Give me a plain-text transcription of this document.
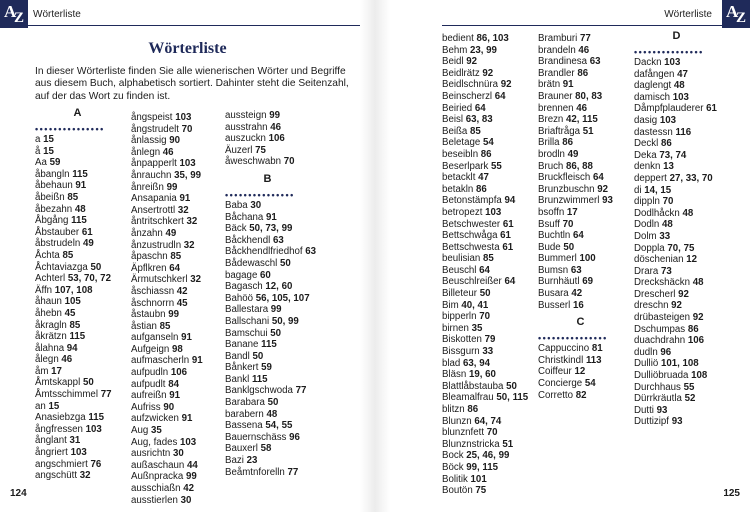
A
Z Wörterliste
Wörterliste
In dieser Wörterliste finden Sie alle wienerischen Wörter und Begriffe aus diesem Buch, alphabetisch sortiert. Dahinter steht die Seitenzahl, auf der das Wort zu finden ist.
A
•••••••••••••••
a 15
å 15
Aa 59
åbangln 115
åbehaun 91
åbeißn 85
åbezahn 48
Åbgång 115
Åbstauber 61
åbstrudeln 49
Åchta 85
Åchtaviazga 50
Achterl 53, 70, 72
Äffn 107, 108
åhaun 105
åhebn 45
åkragln 85
åkrätzn 115
ålahna 94
ålegn 46
åm 17
Åmtskappl 50
Åmtsschimmel 77
an 15
Anasiebzga 115
ångfressen 103
ånglant 31
ångriert 103
angschmiert 76
angschütt 32
ångspeist 103
ångstrudelt 70
ånlassig 90
ånlegn 46
ånpapperlt 103
ånrauchn 35, 99
ånreißn 99
Ansapania 91
Ansertrottl 32
åntritschkert 32
ånzahn 49
ånzustrudln 32
åpaschn 85
Äpflkren 64
Ärmutschkerl 32
åschiassn 42
åschnorrn 45
åstaubn 99
åstian 85
aufganseln 91
Aufgeign 98
aufmascherln 91
aufpudln 106
aufpudlt 84
aufreißn 91
Aufriss 90
aufzwicken 91
Aug 35
Aug, fades 103
ausrichtn 30
außaschaun 44
Außnpracka 99
ausschiaßn 42
ausstierlen 30
aussteign 99
ausstrahn 46
auszuckn 106
Äuzerl 75
åweschwabn 70
B
•••••••••••••••
Baba 30
Båchana 91
Bäck 50, 73, 99
Båckhendl 63
Båckhendlfriedhof 63
Bådewaschl 50
bagage 60
Bagasch 12, 60
Bahöö 56, 105, 107
Ballestara 99
Ballschani 50, 99
Bamschui 50
Banane 115
Bandl 50
Bånkert 59
Bankl 115
Banklgschwoda 77
Barabara 50
barabern 48
Bassena 54, 55
Bauernschäss 96
Bauxerl 58
Bazi 23
Beåmtnforelln 77
124
Wörterliste A
Z
bedient 86, 103
Behm 23, 99
Beidl 92
Beidlrätz 92
Beidlschnüra 92
Beinscherzl 64
Beiried 64
Beisl 63, 83
Beißa 85
Beletage 54
beseibln 86
Beserlpark 55
betacklt 47
betakln 86
Betonstämpfa 94
betropezt 103
Betschwester 61
Bettschwåga 61
Bettschwesta 61
beulisian 85
Beuschl 64
Beuschlreißer 64
Billeteur 50
Bim 40, 41
bipperln 70
birnen 35
Biskotten 79
Bissgurn 33
blad 63, 94
Bläsn 19, 60
Blattlåbstauba 50
Bleamalfrau 50, 115
blitzn 86
Blunzn 64, 74
blunznfett 70
Blunznstricka 51
Bock 25, 46, 99
Böck 99, 115
Bolitik 101
Boutön 75
Bramburi 77
brandeln 46
Brandinesa 63
Brandler 86
brätn 91
Brauner 80, 83
brennen 46
Brezn 42, 115
Briaftråga 51
Brilla 86
brodln 49
Bruch 86, 88
Bruckfleisch 64
Brunzbuschn 92
Brunzwimmerl 93
bsoffn 17
Bsuff 70
Buchtln 64
Bude 50
Bummerl 100
Bumsn 63
Burnhäutl 69
Busara 42
Busserl 16
C
•••••••••••••••
Cappuccino 81
Christkindl 113
Coiffeur 12
Concierge 54
Corretto 82
D
•••••••••••••••
Dackn 103
dafången 47
daglengt 48
damisch 103
Dåmpfplauderer 61
dasig 103
dastessn 116
Deckl 86
Deka 73, 74
denkn 13
deppert 27, 33, 70
di 14, 15
dippln 70
Dodlhåckn 48
Dodln 48
Dolm 33
Doppla 70, 75
döschenian 12
Drara 73
Dreckshäckn 48
Drescherl 92
dreschn 92
drübasteigen 92
Dschumpas 86
duachdrahn 106
dudln 96
Dulliö 101, 108
Dulliöbruada 108
Durchhaus 55
Dürrkräutla 52
Dutti 93
Duttizipf 93
125
